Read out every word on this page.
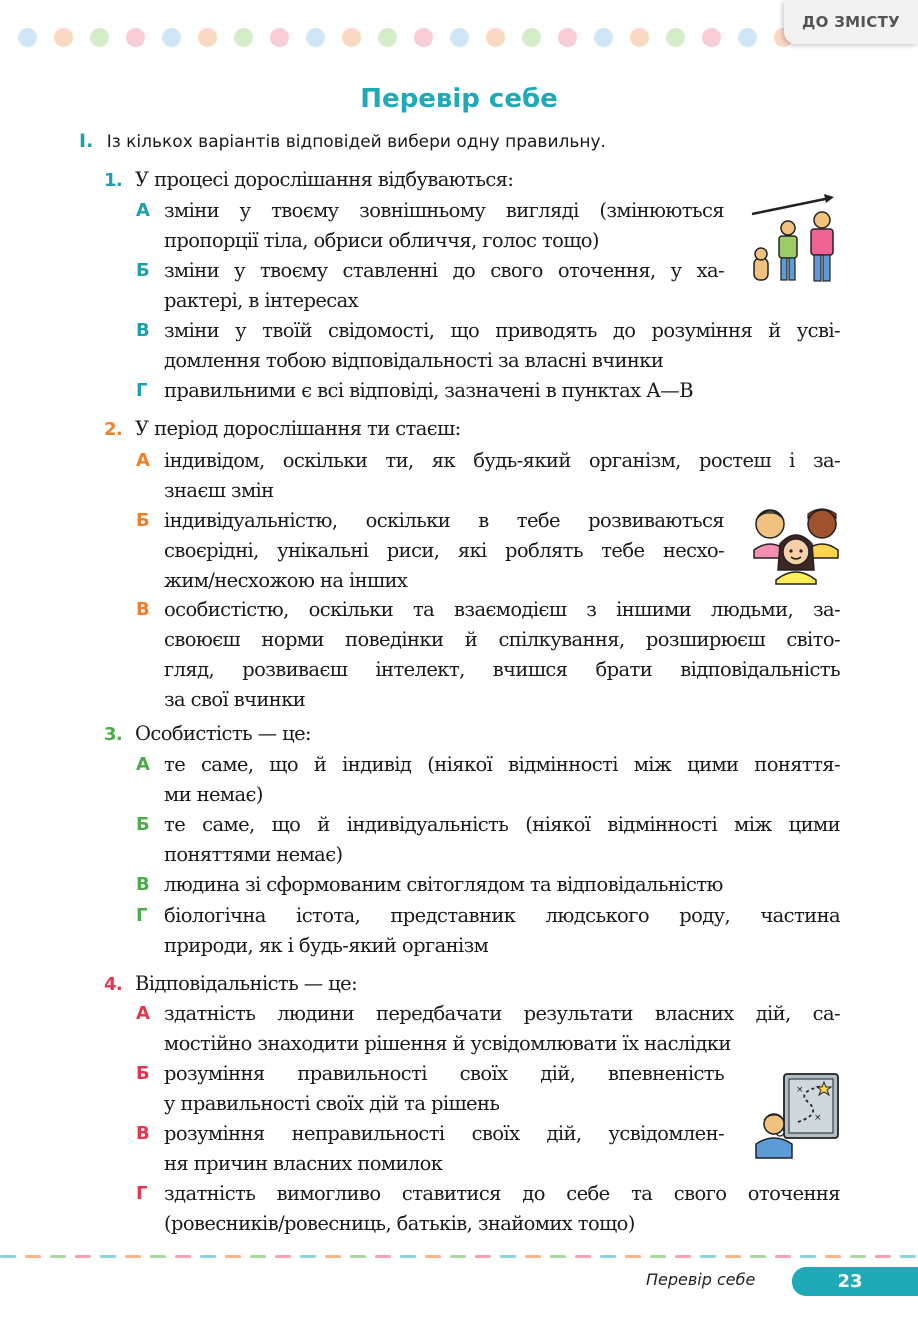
ДО ЗМІСТУ
Перевір себе
I. Із кількох варіантів відповідей вибери одну правильну.
1. У процесі дорослішання відбуваються:
А зміни у твоєму зовнішньому вигляді (змінюються
пропорції тіла, обриси обличчя, голос тощо)
Б зміни у твоєму ставленні до свого оточення, у ха-
рактері, в інтересах
В зміни у твоїй свідомості, що приводять до розуміння й усві-
домлення тобою відповідальності за власні вчинки
Г правильними є всі відповіді, зазначені в пунктах А—В
2. У період дорослішання ти стаєш:
А індивідом, оскільки ти, як будь-який організм, ростеш і за-
знаєш змін
Б індивідуальністю, оскільки в тебе розвиваються
своєрідні, унікальні риси, які роблять тебе несхо-
жим/несхожою на інших
В особистістю, оскільки та взаємодієш з іншими людьми, за-
своюєш норми поведінки й спілкування, розширюєш світо-
гляд, розвиваєш інтелект, вчишся брати відповідальність
за свої вчинки
3. Особистість — це:
А те саме, що й індивід (ніякої відмінності між цими поняття-
ми немає)
Б те саме, що й індивідуальність (ніякої відмінності між цими
поняттями немає)
В людина зі сформованим світоглядом та відповідальністю
Г біологічна істота, представник людського роду, частина
природи, як і будь-який організм
4. Відповідальність — це:
А здатність людини передбачати результати власних дій, са-
мостійно знаходити рішення й усвідомлювати їх наслідки
Б розуміння правильності своїх дій, впевненість
у правильності своїх дій та рішень
В розуміння неправильності своїх дій, усвідомлен-
ня причин власних помилок
Г здатність вимогливо ставитися до себе та свого оточення
(ровесників/ровесниць, батьків, знайомих тощо)
×
×
Перевір себе	23
